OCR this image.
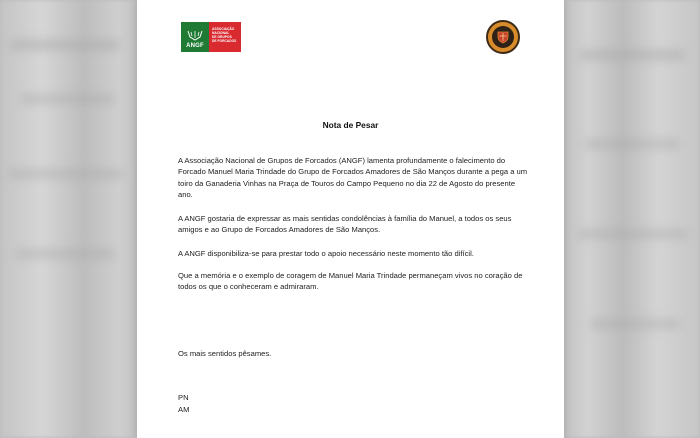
ANGF
ASSOCIAÇÃO
NACIONAL
DE GRUPOS
DE FORCADOS
Nota de Pesar

A Associação Nacional de Grupos de Forcados (ANGF) lamenta profundamente o falecimento do Forcado Manuel Maria Trindade do Grupo de Forcados Amadores de São Manços durante a pega a um toiro da Ganaderia Vinhas na Praça de Touros do Campo Pequeno no dia 22 de Agosto do presente ano.

A ANGF gostaria de expressar as mais sentidas condolências à família do Manuel, a todos os seus amigos e ao Grupo de Forcados Amadores de São Manços.

A ANGF disponibiliza-se para prestar todo o apoio necessário neste momento tão difícil.

Que a memória e o exemplo de coragem de Manuel Maria Trindade permaneçam vivos no coração de todos os que o conheceram e admiraram.

Os mais sentidos pêsames.

PN

AM
